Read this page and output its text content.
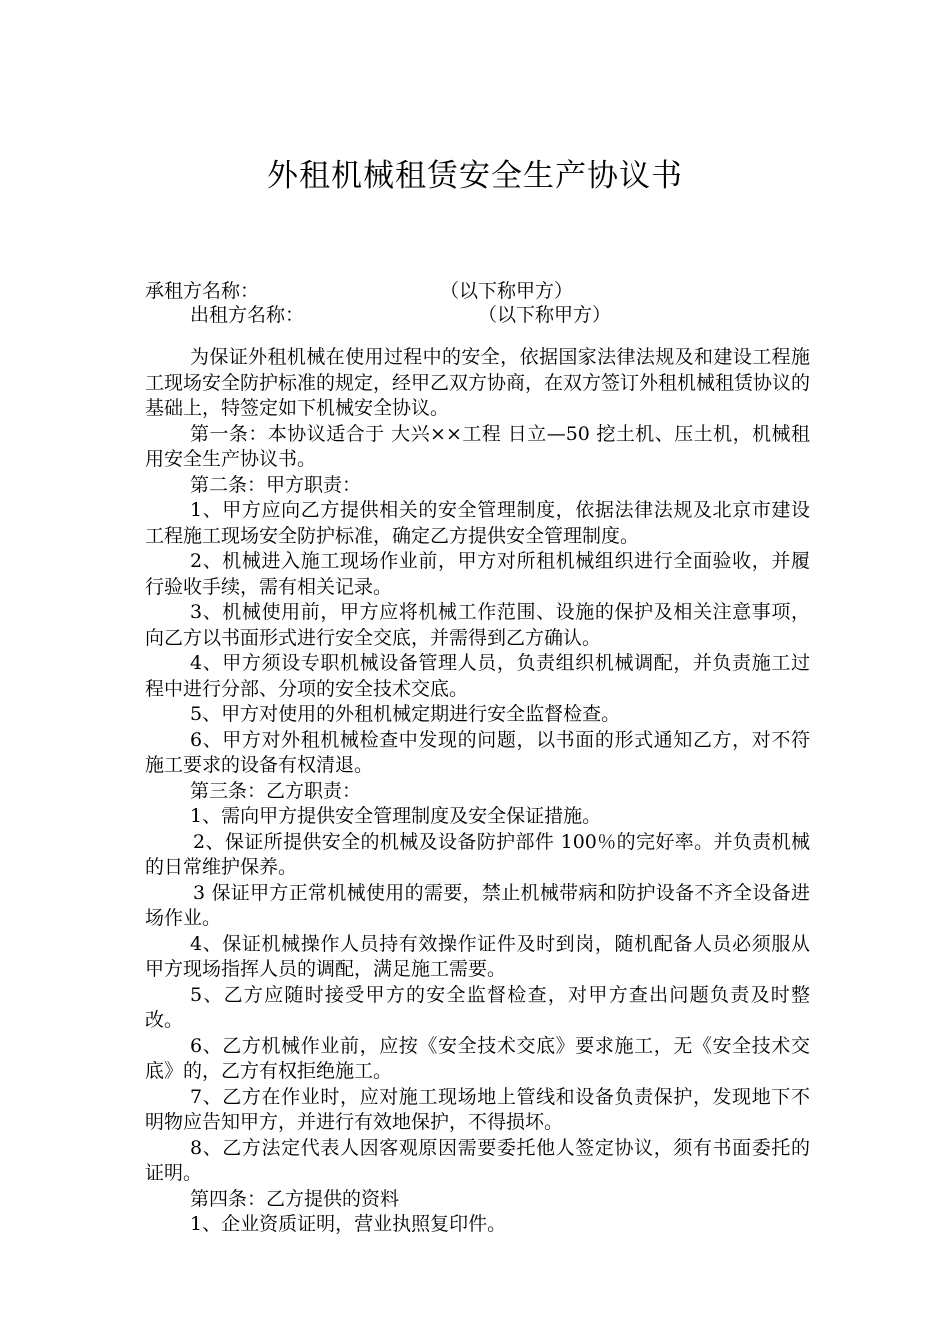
外租机械租赁安全生产协议书
承租方名称：	（以下称甲方）
出租方名称：	（以下称甲方）

为保证外租机械在使用过程中的安全，依据国家法律法规及和建设工程施工现场安全防护标准的规定，经甲乙双方协商，在双方签订外租机械租赁协议的基础上，特签定如下机械安全协议。

第一条：本协议适合于 大兴××工程 日立—50 挖土机、压土机，机械租用安全生产协议书。

第二条：甲方职责：

1、甲方应向乙方提供相关的安全管理制度，依据法律法规及北京市建设工程施工现场安全防护标准，确定乙方提供安全管理制度。

2、机械进入施工现场作业前，甲方对所租机械组织进行全面验收，并履行验收手续，需有相关记录。

3、机械使用前，甲方应将机械工作范围、设施的保护及相关注意事项，向乙方以书面形式进行安全交底，并需得到乙方确认。

4、甲方须设专职机械设备管理人员，负责组织机械调配，并负责施工过程中进行分部、分项的安全技术交底。

5、甲方对使用的外租机械定期进行安全监督检查。

6、甲方对外租机械检查中发现的问题，以书面的形式通知乙方，对不符施工要求的设备有权清退。

第三条：乙方职责：

1、需向甲方提供安全管理制度及安全保证措施。

2、保证所提供安全的机械及设备防护部件 100％的完好率。并负责机械的日常维护保养。

3 保证甲方正常机械使用的需要，禁止机械带病和防护设备不齐全设备进场作业。

4、保证机械操作人员持有效操作证件及时到岗，随机配备人员必须服从甲方现场指挥人员的调配，满足施工需要。

5、乙方应随时接受甲方的安全监督检查，对甲方查出问题负责及时整改。

6、乙方机械作业前，应按《安全技术交底》要求施工，无《安全技术交底》的，乙方有权拒绝施工。

7、乙方在作业时，应对施工现场地上管线和设备负责保护，发现地下不明物应告知甲方，并进行有效地保护，不得损坏。

8、乙方法定代表人因客观原因需要委托他人签定协议，须有书面委托的证明。

第四条：乙方提供的资料

1、企业资质证明，营业执照复印件。
